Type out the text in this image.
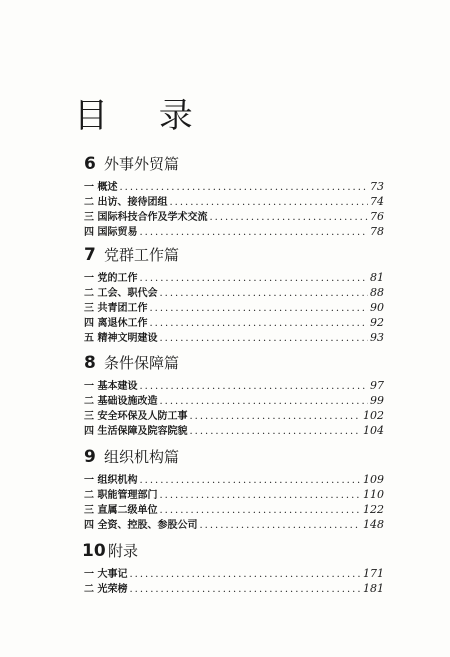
目 录
6 外事外贸篇
一 概述 .....	73
二 出访、接待团组 .....	74
三 国际科技合作及学术交流 .....	76
四 国际贸易 .....	78
7 党群工作篇
一 党的工作 .....	81
二 工会、职代会 .....	88
三 共青团工作 .....	90
四 离退休工作 .....	92
五 精神文明建设 .....	93
8 条件保障篇
一 基本建设 .....	97
二 基础设施改造 .....	99
三 安全环保及人防工事 .....	102
四 生活保障及院容院貌 .....	104
9 组织机构篇
一 组织机构 .....	109
二 职能管理部门 .....	110
三 直属二级单位 .....	122
四 全资、控股、参股公司 .....	148
10 附录
一 大事记 .....	171
二 光荣榜 .....	181
